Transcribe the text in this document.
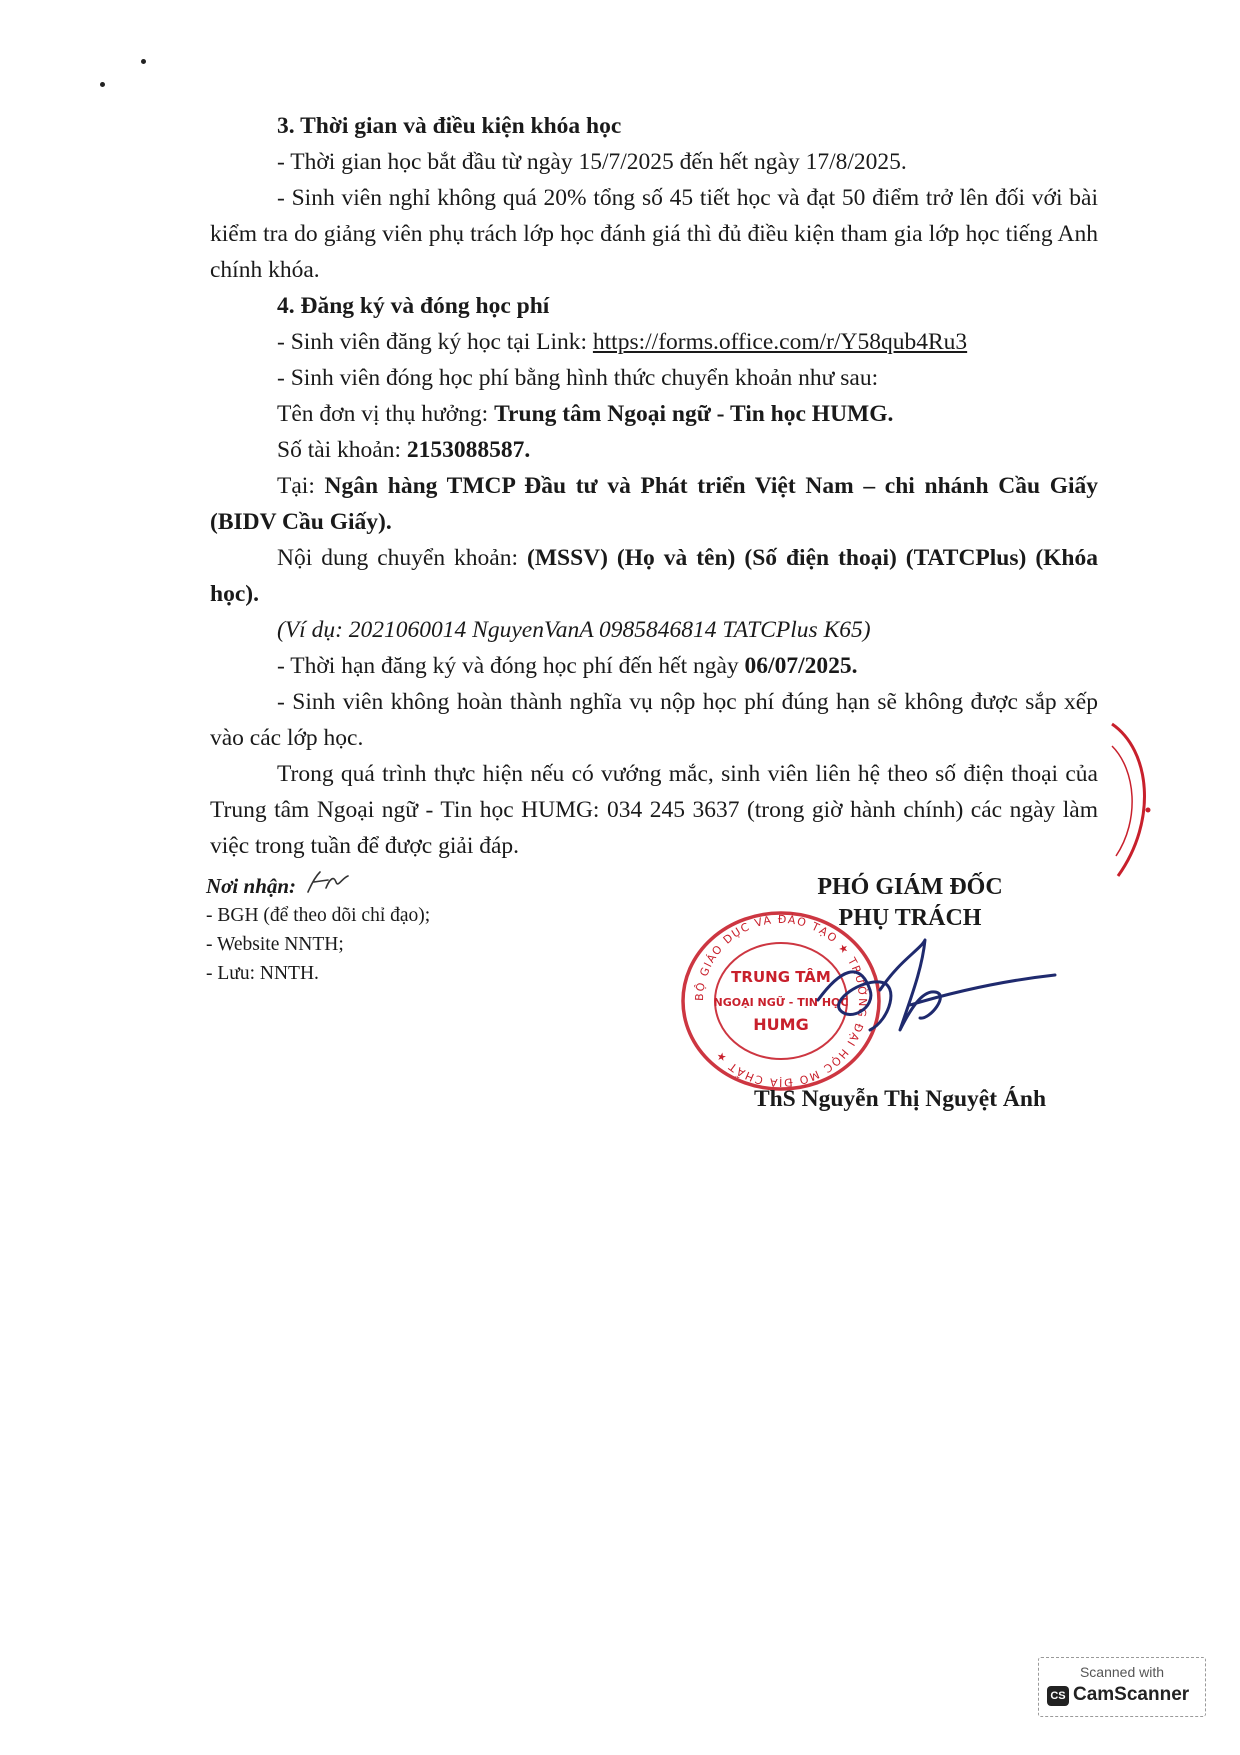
3. Thời gian và điều kiện khóa học

- Thời gian học bắt đầu từ ngày 15/7/2025 đến hết ngày 17/8/2025.

- Sinh viên nghỉ không quá 20% tổng số 45 tiết học và đạt 50 điểm trở lên đối với bài kiểm tra do giảng viên phụ trách lớp học đánh giá thì đủ điều kiện tham gia lớp học tiếng Anh chính khóa.

4. Đăng ký và đóng học phí

- Sinh viên đăng ký học tại Link: https://forms.office.com/r/Y58qub4Ru3

- Sinh viên đóng học phí bằng hình thức chuyển khoản như sau:

Tên đơn vị thụ hưởng: Trung tâm Ngoại ngữ - Tin học HUMG.

Số tài khoản: 2153088587.

Tại: Ngân hàng TMCP Đầu tư và Phát triển Việt Nam – chi nhánh Cầu Giấy (BIDV Cầu Giấy).

Nội dung chuyển khoản: (MSSV) (Họ và tên) (Số điện thoại) (TATCPlus) (Khóa học).

(Ví dụ: 2021060014 NguyenVanA 0985846814 TATCPlus K65)

- Thời hạn đăng ký và đóng học phí đến hết ngày 06/07/2025.

- Sinh viên không hoàn thành nghĩa vụ nộp học phí đúng hạn sẽ không được sắp xếp vào các lớp học.

Trong quá trình thực hiện nếu có vướng mắc, sinh viên liên hệ theo số điện thoại của Trung tâm Ngoại ngữ - Tin học HUMG: 034 245 3637 (trong giờ hành chính) các ngày làm việc trong tuần để được giải đáp.

Nơi nhận:

- BGH (để theo dõi chỉ đạo);

- Website NNTH;

- Lưu: NNTH.

PHÓ GIÁM ĐỐC

PHỤ TRÁCH

BỘ GIÁO DỤC VÀ ĐÀO TẠO ★ TRƯỜNG ĐẠI HỌC MỎ ĐỊA CHẤT ★
TRUNG TÂM
NGOẠI NGỮ - TIN HỌC
HUMG
ThS Nguyễn Thị Nguyệt Ánh
Scanned with
CS CamScanner
